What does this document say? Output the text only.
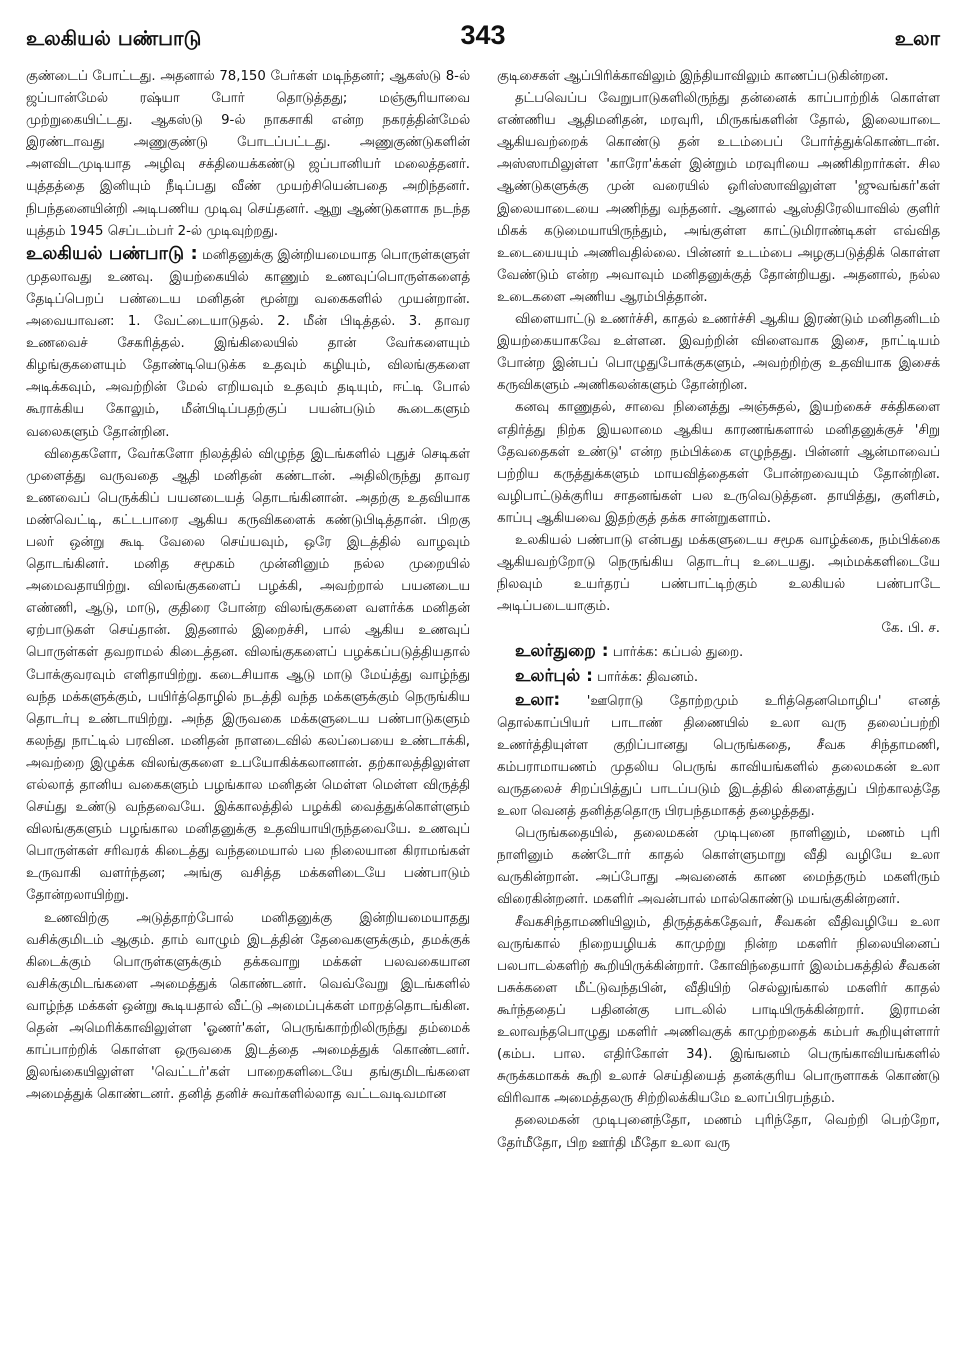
உலகியல் பண்பாடு	343	உலா

குண்டைப் போட்டது. அதனால் 78,150 பேர்கள் மடிந்தனர்; ஆகஸ்டு 8-ல் ஜப்பான்மேல் ரஷ்யா போர் தொடுத்தது; மஞ்சூரியாவை முற்றுகையிட்டது. ஆகஸ்டு 9-ல் நாகசாகி என்ற நகரத்தின்மேல் இரண்டாவது அணுகுண்டு போடப்பட்டது. அணுகுண்டுகளின் அளவிடமுடியாத அழிவு சக்தியைக்கண்டு ஜப்பானியர் மலைத்தனர். யுத்தத்தை இனியும் நீடிப்பது வீண் முயற்சியென்பதை அறிந்தனர். நிபந்தனையின்றி அடிபணிய முடிவு செய்தனர். ஆறு ஆண்டுகளாக நடந்த யுத்தம் 1945 செப்டம்பர் 2-ல் முடிவுற்றது.

உலகியல் பண்பாடு : மனிதனுக்கு இன்றியமையாத பொருள்களுள் முதலாவது உணவு. இயற்கையில் காணும் உணவுப்பொருள்களைத் தேடிப்பெறப் பண்டைய மனிதன் மூன்று வகைகளில் முயன்றான். அவையாவன: 1. வேட்டையாடுதல். 2. மீன் பிடித்தல். 3. தாவர உணவைச் சேகரித்தல். இங்கிலையில் தான் வேர்களையும் கிழங்குகளையும் தோண்டியெடுக்க உதவும் கழியும், விலங்குகளை அடிக்கவும், அவற்றின் மேல் எறியவும் உதவும் தடியும், ஈட்டி போல் கூராக்கிய கோலும், மீன்பிடிப்பதற்குப் பயன்படும் கூடைகளும் வலைகளும் தோன்றின.

விதைகளோ, வேர்களோ நிலத்தில் விழுந்த இடங்களில் புதுச் செடிகள் முளைத்து வருவதை ஆதி மனிதன் கண்டான். அதிலிருந்து தாவர உணவைப் பெருக்கிப் பயனடையத் தொடங்கினான். அதற்கு உதவியாக மண்வெட்டி, கட்டபாரை ஆகிய கருவிகளைக் கண்டுபிடித்தான். பிறகு பலர் ஒன்று கூடி வேலை செய்யவும், ஒரே இடத்தில் வாழவும் தொடங்கினர். மனித சமூகம் முன்னினும் நல்ல முறையில் அமைவதாயிற்று. விலங்குகளைப் பழக்கி, அவற்றால் பயனடைய எண்ணி, ஆடு, மாடு, குதிரை போன்ற விலங்குகளை வளர்க்க மனிதன் ஏற்பாடுகள் செய்தான். இதனால் இறைச்சி, பால் ஆகிய உணவுப் பொருள்கள் தவறாமல் கிடைத்தன. விலங்குகளைப் பழக்கப்படுத்தியதால் போக்குவரவும் எளிதாயிற்று. கடைசியாக ஆடு மாடு மேய்த்து வாழ்ந்து வந்த மக்களுக்கும், பயிர்த்தொழில் நடத்தி வந்த மக்களுக்கும் நெருங்கிய தொடர்பு உண்டாயிற்று. அந்த இருவகை மக்களுடைய பண்பாடுகளும் கலந்து நாட்டில் பரவின. மனிதன் நாளடைவில் கலப்பையை உண்டாக்கி, அவற்றை இழுக்க விலங்குகளை உபயோகிக்கலானான். தற்காலத்திலுள்ள எல்லாத் தானிய வகைகளும் பழங்கால மனிதன் மெள்ள மெள்ள விருத்தி செய்து உண்டு வந்தவையே. இக்காலத்தில் பழக்கி வைத்துக்கொள்ளும் விலங்குகளும் பழங்கால மனிதனுக்கு உதவியாயிருந்தவையே. உணவுப் பொருள்கள் சரிவரக் கிடைத்து வந்தமையால் பல நிலையான கிராமங்கள் உருவாகி வளர்ந்தன; அங்கு வசித்த மக்களிடையே பண்பாடும் தோன்றலாயிற்று.

உணவிற்கு அடுத்தாற்போல் மனிதனுக்கு இன்றியமையாதது வசிக்குமிடம் ஆகும். தாம் வாழும் இடத்தின் தேவைகளுக்கும், தமக்குக் கிடைக்கும் பொருள்களுக்கும் தக்கவாறு மக்கள் பலவகையான வசிக்குமிடங்களை அமைத்துக் கொண்டனர். வெவ்வேறு இடங்களில் வாழ்ந்த மக்கள் ஒன்று கூடியதால் வீட்டு அமைப்புக்கள் மாறத்தொடங்கின. தென் அமெரிக்காவிலுள்ள 'ஓணர்'கள், பெருங்காற்றிலிருந்து தம்மைக் காப்பாற்றிக் கொள்ள ஒருவகை இடத்தை அமைத்துக் கொண்டனர். இலங்கையிலுள்ள 'வெட்டர்'கள் பாறைகளிடையே தங்குமிடங்களை அமைத்துக் கொண்டனர். தனித் தனிச் சுவர்களில்லாத வட்டவடிவமான

குடிசைகள் ஆப்பிரிக்காவிலும் இந்தியாவிலும் காணப்படுகின்றன.

தட்பவெப்ப வேறுபாடுகளிலிருந்து தன்னைக் காப்பாற்றிக் கொள்ள எண்ணிய ஆதிமனிதன், மரவுரி, மிருகங்களின் தோல், இலையாடை ஆகியவற்றைக் கொண்டு தன் உடம்பைப் போர்த்துக்கொண்டான். அஸ்ஸாமிலுள்ள 'காரோ'க்கள் இன்றும் மரவுரியை அணிகிறார்கள். சில ஆண்டுகளுக்கு முன் வரையில் ஒரிஸ்ஸாவிலுள்ள 'ஜுவங்கர்'கள் இலையாடையை அணிந்து வந்தனர். ஆனால் ஆஸ்திரேலியாவில் குளிர் மிகக் கடுமையாயிருந்தும், அங்குள்ள காட்டுமிராண்டிகள் எவ்வித உடையையும் அணிவதில்லை. பின்னர் உடம்பை அழகுபடுத்திக் கொள்ள வேண்டும் என்ற அவாவும் மனிதனுக்குத் தோன்றியது. அதனால், நல்ல உடைகளை அணிய ஆரம்பித்தான்.

விளையாட்டு உணர்ச்சி, காதல் உணர்ச்சி ஆகிய இரண்டும் மனிதனிடம் இயற்கையாகவே உள்ளன. இவற்றின் விளைவாக இசை, நாட்டியம் போன்ற இன்பப் பொழுதுபோக்குகளும், அவற்றிற்கு உதவியாக இசைக் கருவிகளும் அணிகலன்களும் தோன்றின.

கனவு காணுதல், சாவை நினைத்து அஞ்சுதல், இயற்கைச் சக்திகளை எதிர்த்து நிற்க இயலாமை ஆகிய காரணங்களால் மனிதனுக்குச் 'சிறு தேவதைகள் உண்டு' என்ற நம்பிக்கை எழுந்தது. பின்னர் ஆன்மாவைப் பற்றிய கருத்துக்களும் மாயவித்தைகள் போன்றவையும் தோன்றின. வழிபாட்டுக்குரிய சாதனங்கள் பல உருவெடுத்தன. தாயித்து, குளிசம், காப்பு ஆகியவை இதற்குத் தக்க சான்றுகளாம்.

உலகியல் பண்பாடு என்பது மக்களுடைய சமூக வாழ்க்கை, நம்பிக்கை ஆகியவற்றோடு நெருங்கிய தொடர்பு உடையது. அம்மக்களிடையே நிலவும் உயர்தரப் பண்பாட்டிற்கும் உலகியல் பண்பாடே அடிப்படையாகும்.

கே. பி. ச.

உலர்துறை : பார்க்க: கப்பல் துறை.

உலர்புல் : பார்க்க: திவனம்.

உலா: 'ஊரொடு தோற்றமும் உரித்தெனமொழிப' எனத் தொல்காப்பியர் பாடாண் திணையில் உலா வரு தலைப்பற்றி உணர்த்தியுள்ள குறிப்பானது பெருங்கதை, சீவக சிந்தாமணி, கம்பராமாயணம் முதலிய பெருங் காவியங்களில் தலைமகன் உலா வருதலைச் சிறப்பித்துப் பாடப்படும் இடத்தில் கிளைத்துப் பிற்காலத்தே உலா வெனத் தனித்ததொரு பிரபந்தமாகத் தழைத்தது.

பெருங்கதையில், தலைமகன் முடிபுனை நாளினும், மணம் புரி நாளினும் கண்டோர் காதல் கொள்ளுமாறு வீதி வழியே உலா வருகின்றான். அப்போது அவனைக் காண மைந்தரும் மகளிரும் விரைகின்றனர். மகளிர் அவன்பால் மால்கொண்டு மயங்குகின்றனர்.

சீவகசிந்தாமணியிலும், திருத்தக்கதேவர், சீவகன் வீதிவழியே உலா வருங்கால் நிறையழியக் காமுற்று நின்ற மகளிர் நிலையினைப் பலபாடல்களிற் கூறியிருக்கின்றார். கோவிந்தையார் இலம்பகத்தில் சீவகன் பசுக்களை மீட்டுவந்தபின், வீதியிற் செல்லுங்கால் மகளிர் காதல் கூர்ந்ததைப் பதினன்கு பாடலில் பாடியிருக்கின்றார். இராமன் உலாவந்தபொழுது மகளிர் அணிவகுக் காமுற்றதைக் கம்பர் கூறியுள்ளார் (கம்ப. பால. எதிர்கோள் 34). இங்ஙனம் பெருங்காவியங்களில் சுருக்கமாகக் கூறி உலாச் செய்தியைத் தனக்குரிய பொருளாகக் கொண்டு விரிவாக அமைத்தலரு சிற்றிலக்கியமே உலாப்பிரபந்தம்.

தலைமகன் முடிபுனைந்தோ, மணம் புரிந்தோ, வெற்றி பெற்றோ, தேர்மீதோ, பிற ஊர்தி மீதோ உலா வரு
